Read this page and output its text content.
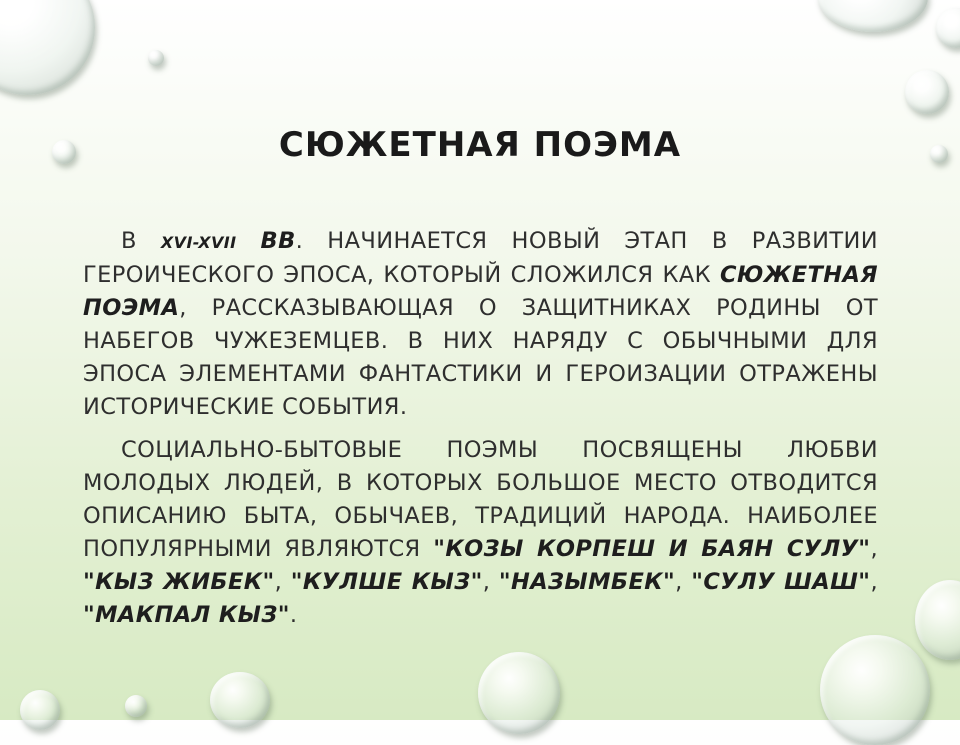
СЮЖЕТНАЯ ПОЭМА

В XVI-XVII ВВ. НАЧИНАЕТСЯ НОВЫЙ ЭТАП В РАЗВИТИИ ГЕРОИЧЕСКОГО ЭПОСА, КОТОРЫЙ СЛОЖИЛСЯ КАК СЮЖЕТНАЯ ПОЭМА, РАССКАЗЫВАЮЩАЯ О ЗАЩИТНИКАХ РОДИНЫ ОТ НАБЕГОВ ЧУЖЕЗЕМЦЕВ. В НИХ НАРЯДУ С ОБЫЧНЫМИ ДЛЯ ЭПОСА ЭЛЕМЕНТАМИ ФАНТАСТИКИ И ГЕРОИЗАЦИИ ОТРАЖЕНЫ ИСТОРИЧЕСКИЕ СОБЫТИЯ.

СОЦИАЛЬНО-БЫТОВЫЕ ПОЭМЫ ПОСВЯЩЕНЫ ЛЮБВИ МОЛОДЫХ ЛЮДЕЙ, В КОТОРЫХ БОЛЬШОЕ МЕСТО ОТВОДИТСЯ ОПИСАНИЮ БЫТА, ОБЫЧАЕВ, ТРАДИЦИЙ НАРОДА. НАИБОЛЕЕ ПОПУЛЯРНЫМИ ЯВЛЯЮТСЯ "КОЗЫ КОРПЕШ И БАЯН СУЛУ", "КЫЗ ЖИБЕК", "КУЛШЕ КЫЗ", "НАЗЫМБЕК", "СУЛУ ШАШ", "МАКПАЛ КЫЗ".
